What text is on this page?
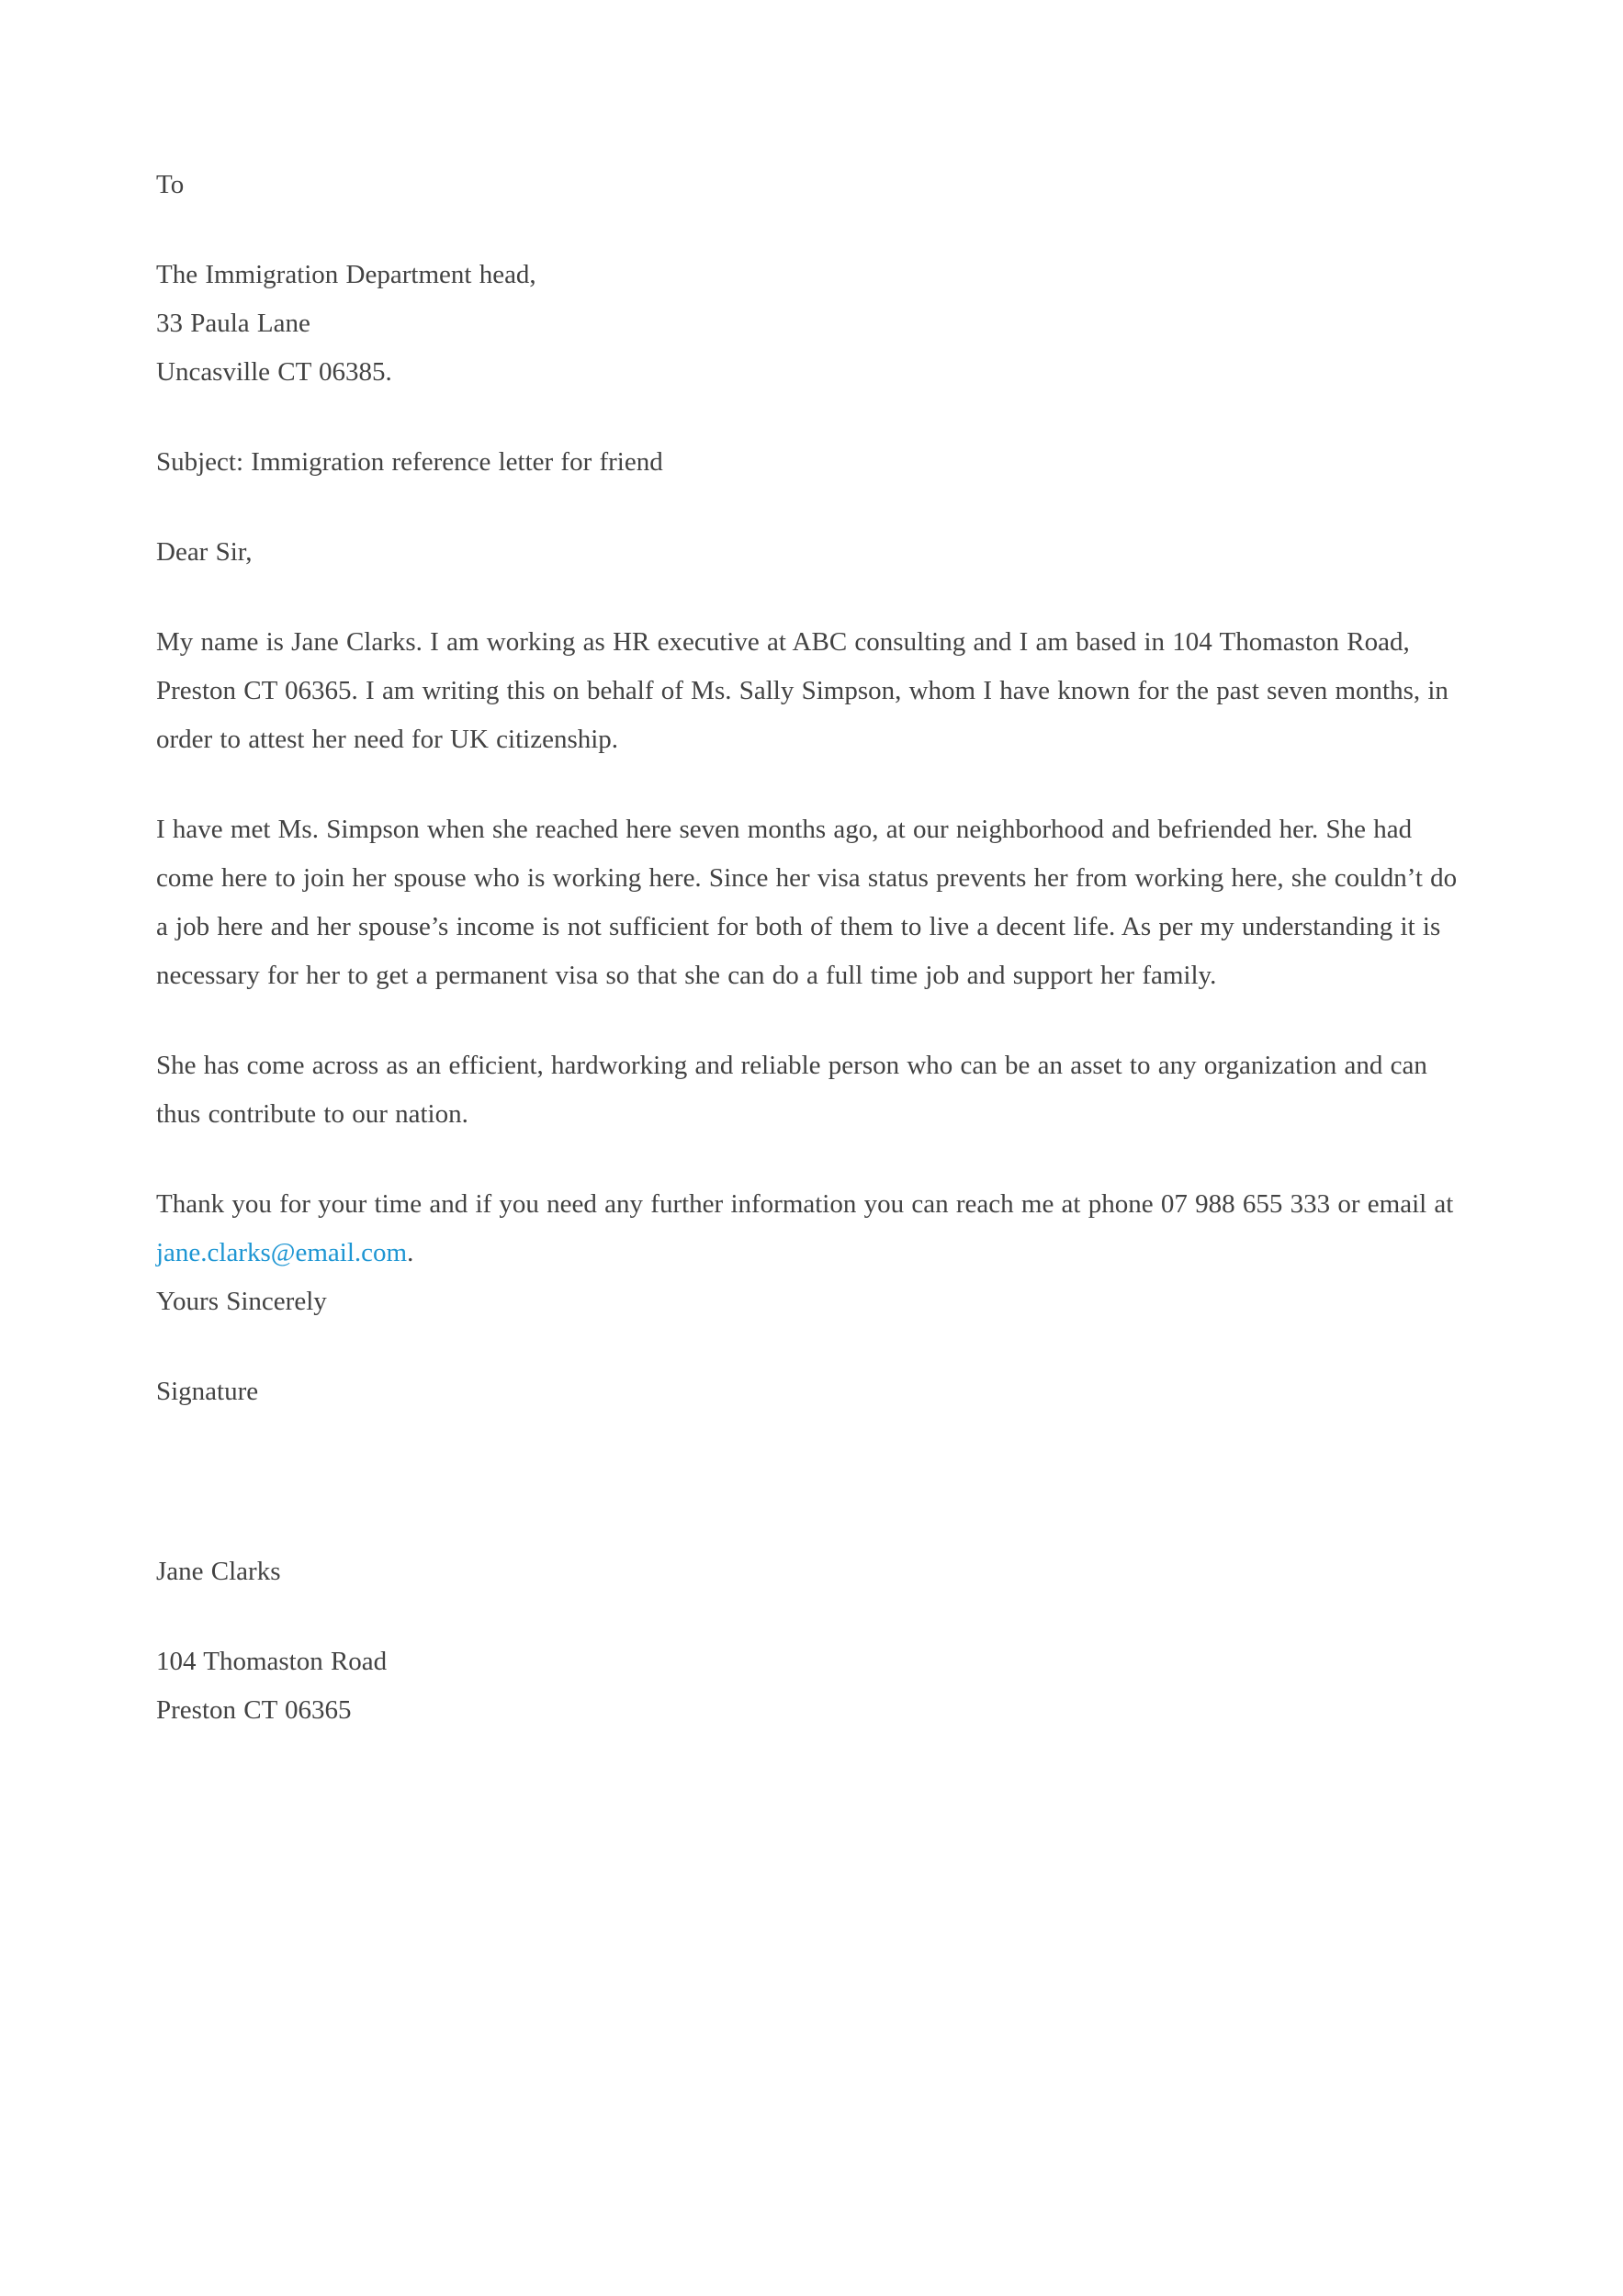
To
The Immigration Department head,
33 Paula Lane
Uncasville CT 06385.
Subject: Immigration reference letter for friend
Dear Sir,
My name is Jane Clarks. I am working as HR executive at ABC consulting and I am based in 104 Thomaston Road, Preston CT 06365. I am writing this on behalf of Ms. Sally Simpson, whom I have known for the past seven months, in order to attest her need for UK citizenship.
I have met Ms. Simpson when she reached here seven months ago, at our neighborhood and befriended her. She had come here to join her spouse who is working here. Since her visa status prevents her from working here, she couldn’t do a job here and her spouse’s income is not sufficient for both of them to live a decent life. As per my understanding it is necessary for her to get a permanent visa so that she can do a full time job and support her family.
She has come across as an efficient, hardworking and reliable person who can be an asset to any organization and can thus contribute to our nation.
Thank you for your time and if you need any further information you can reach me at phone 07 988 655 333 or email at jane.clarks@email.com.
Yours Sincerely
Signature
Jane Clarks
104 Thomaston Road
Preston CT 06365
